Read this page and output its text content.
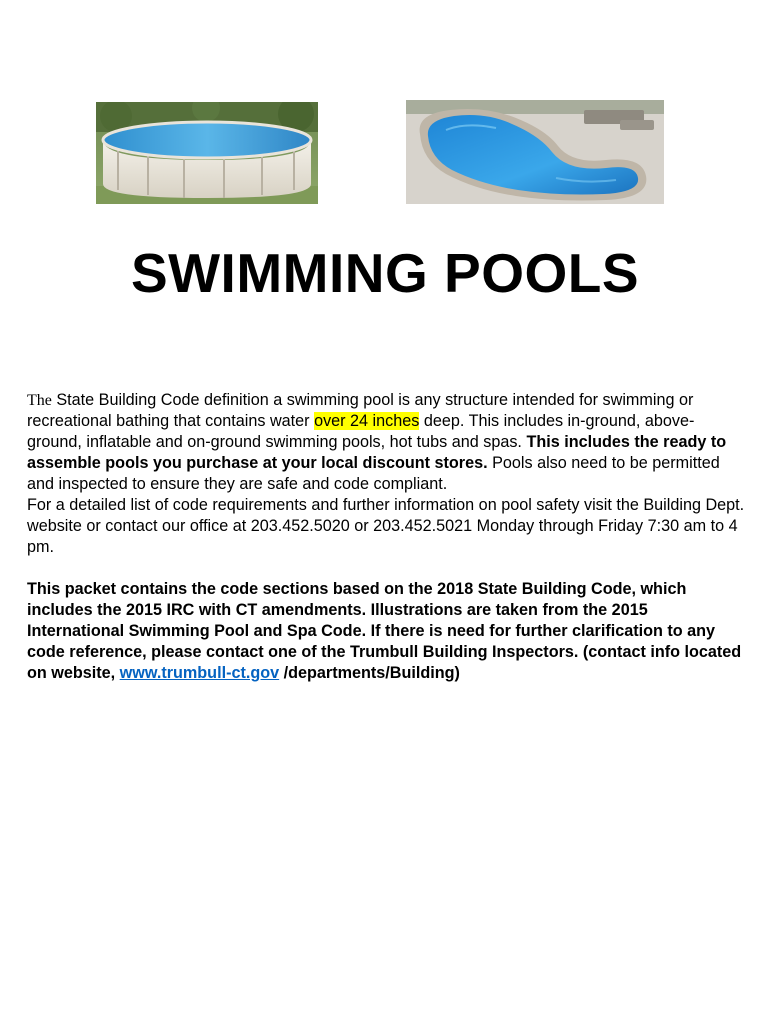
SWIMMING POOLS

The State Building Code definition a swimming pool is any structure intended for swimming or recreational bathing that contains water over 24 inches deep. This includes in-ground, above-ground, inflatable and on-ground swimming pools, hot tubs and spas. This includes the ready to assemble pools you purchase at your local discount stores. Pools also need to be permitted and inspected to ensure they are safe and code compliant.

For a detailed list of code requirements and further information on pool safety visit the Building Dept. website or contact our office at 203.452.5020 or 203.452.5021 Monday through Friday 7:30 am to 4 pm.

This packet contains the code sections based on the 2018 State Building Code, which includes the 2015 IRC with CT amendments. Illustrations are taken from the 2015 International Swimming Pool and Spa Code. If there is need for further clarification to any code reference, please contact one of the Trumbull Building Inspectors. (contact info located on website, www.trumbull-ct.gov /departments/Building)
